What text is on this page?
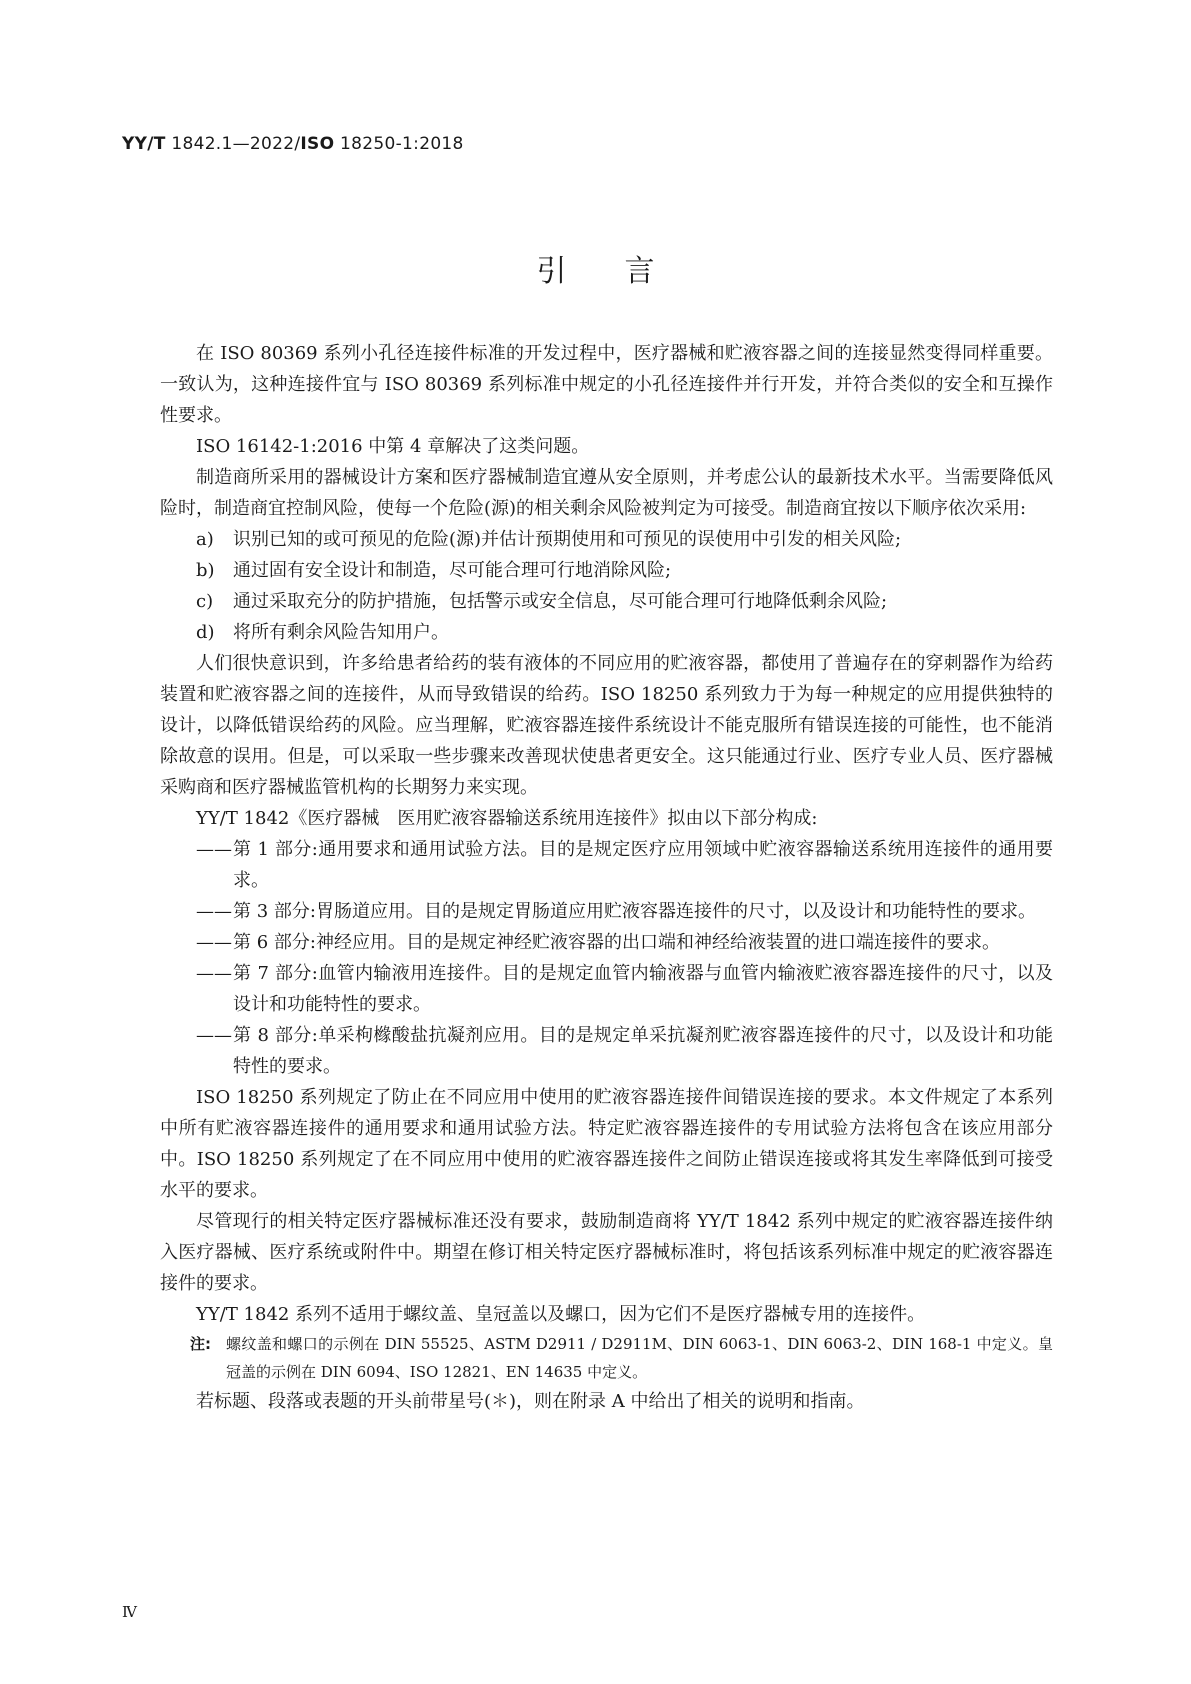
YY/T 1842.1—2022/ISO 18250-1:2018
引言

在 ISO 80369 系列小孔径连接件标准的开发过程中，医疗器械和贮液容器之间的连接显然变得同样重要。一致认为，这种连接件宜与 ISO 80369 系列标准中规定的小孔径连接件并行开发，并符合类似的安全和互操作性要求。

ISO 16142-1:2016 中第 4 章解决了这类问题。

制造商所采用的器械设计方案和医疗器械制造宜遵从安全原则，并考虑公认的最新技术水平。当需要降低风险时，制造商宜控制风险，使每一个危险(源)的相关剩余风险被判定为可接受。制造商宜按以下顺序依次采用:

a) 识别已知的或可预见的危险(源)并估计预期使用和可预见的误使用中引发的相关风险;

b) 通过固有安全设计和制造，尽可能合理可行地消除风险;

c) 通过采取充分的防护措施，包括警示或安全信息，尽可能合理可行地降低剩余风险;

d) 将所有剩余风险告知用户。

人们很快意识到，许多给患者给药的装有液体的不同应用的贮液容器，都使用了普遍存在的穿刺器作为给药装置和贮液容器之间的连接件，从而导致错误的给药。ISO 18250 系列致力于为每一种规定的应用提供独特的设计，以降低错误给药的风险。应当理解，贮液容器连接件系统设计不能克服所有错误连接的可能性，也不能消除故意的误用。但是，可以采取一些步骤来改善现状使患者更安全。这只能通过行业、医疗专业人员、医疗器械采购商和医疗器械监管机构的长期努力来实现。

YY/T 1842《医疗器械　医用贮液容器输送系统用连接件》拟由以下部分构成:

—— 第 1 部分:通用要求和通用试验方法。目的是规定医疗应用领域中贮液容器输送系统用连接件的通用要求。

—— 第 3 部分:胃肠道应用。目的是规定胃肠道应用贮液容器连接件的尺寸，以及设计和功能特性的要求。

—— 第 6 部分:神经应用。目的是规定神经贮液容器的出口端和神经给液装置的进口端连接件的要求。

—— 第 7 部分:血管内输液用连接件。目的是规定血管内输液器与血管内输液贮液容器连接件的尺寸，以及设计和功能特性的要求。

—— 第 8 部分:单采枸橼酸盐抗凝剂应用。目的是规定单采抗凝剂贮液容器连接件的尺寸，以及设计和功能特性的要求。

ISO 18250 系列规定了防止在不同应用中使用的贮液容器连接件间错误连接的要求。本文件规定了本系列中所有贮液容器连接件的通用要求和通用试验方法。特定贮液容器连接件的专用试验方法将包含在该应用部分中。ISO 18250 系列规定了在不同应用中使用的贮液容器连接件之间防止错误连接或将其发生率降低到可接受水平的要求。

尽管现行的相关特定医疗器械标准还没有要求，鼓励制造商将 YY/T 1842 系列中规定的贮液容器连接件纳入医疗器械、医疗系统或附件中。期望在修订相关特定医疗器械标准时，将包括该系列标准中规定的贮液容器连接件的要求。

YY/T 1842 系列不适用于螺纹盖、皇冠盖以及螺口，因为它们不是医疗器械专用的连接件。

注: 螺纹盖和螺口的示例在 DIN 55525、ASTM D2911 / D2911M、DIN 6063-1、DIN 6063-2、DIN 168-1 中定义。皇冠盖的示例在 DIN 6094、ISO 12821、EN 14635 中定义。

若标题、段落或表题的开头前带星号(＊)，则在附录 A 中给出了相关的说明和指南。

Ⅳ
